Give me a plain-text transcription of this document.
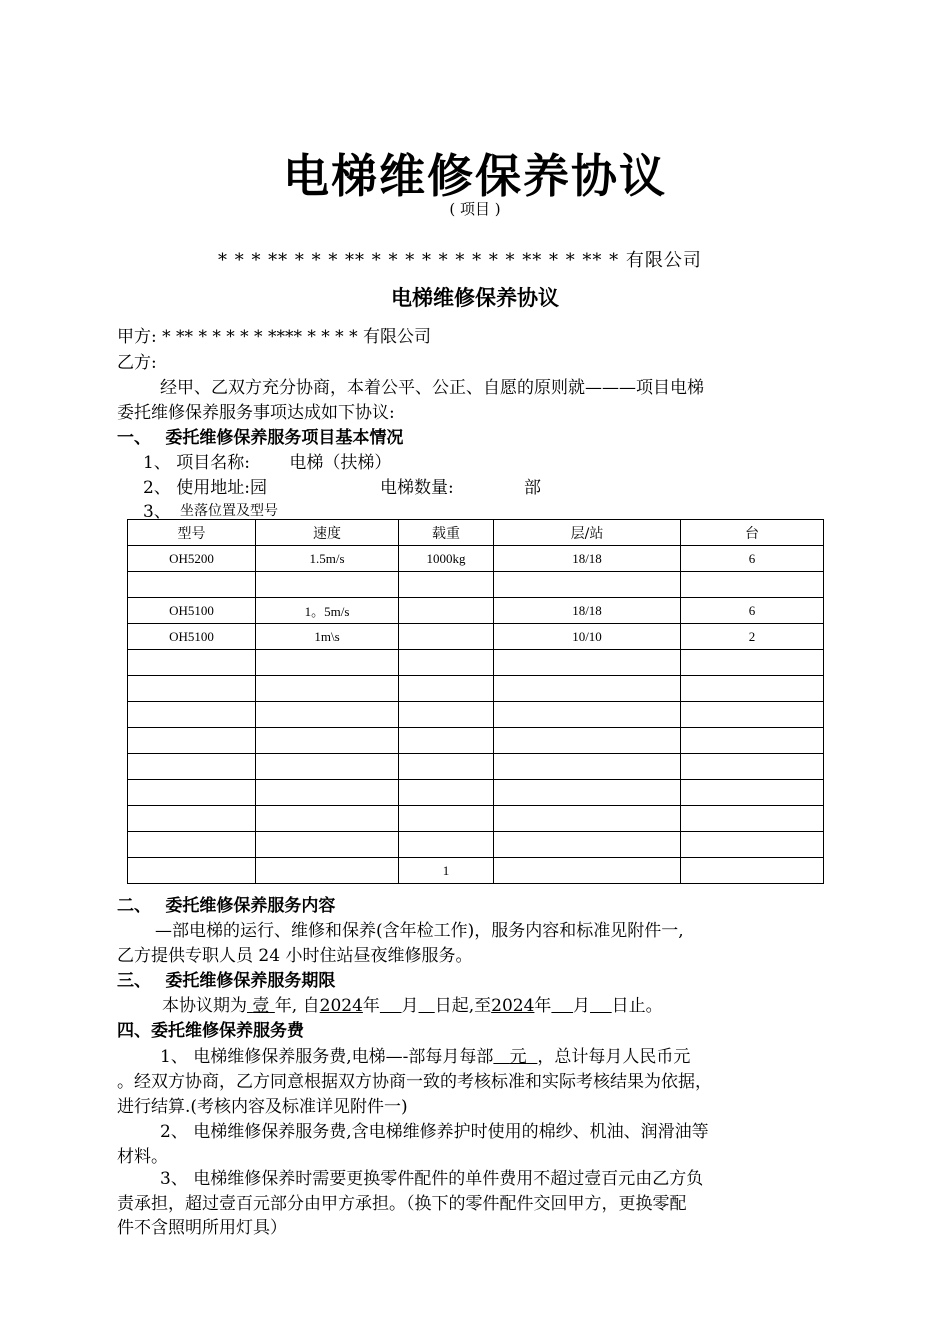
电梯维修保养协议
( 项目 )
* * * ** * * * ** * * * * * * * * * ** * * ** * 有限公司
电梯维修保养协议
甲方: * ** * * * * * **** * * * * 有限公司
乙方:
经甲、乙双方充分协商，本着公平、公正、自愿的原则就———项目电梯
委托维修保养服务事项达成如下协议:
一、　 委托维修保养服务项目基本情况
1、 项目名称:　　 电梯（扶梯）
2、 使用地址:园	电梯数量:	部
3、 坐落位置及型号
型号	速度	载重	层/站	台
OH5200	1.5m/s	1000kg	18/18	6

OH5100	1。5m/s		18/18	6
OH5100	1m\s		10/10	2

		1		
二、　 委托维修保养服务内容
—部电梯的运行、维修和保养(含年检工作)，服务内容和标准见附件一,
乙方提供专职人员 24 小时住站昼夜维修服务。
三、　 委托维修保养服务期限
本协议期为 壹 年, 自2024年 月 日起,至2024年 月 日止。
四、委托维修保养服务费
1、 电梯维修保养服务费,电梯—-部每月每部 元 ，总计每月人民币元
。经双方协商，乙方同意根据双方协商一致的考核标准和实际考核结果为依据，
进行结算.(考核内容及标准详见附件一)
2、 电梯维修保养服务费,含电梯维修养护时使用的棉纱、机油、润滑油等
材料。
3、 电梯维修保养时需要更换零件配件的单件费用不超过壹百元由乙方负
责承担，超过壹百元部分由甲方承担。（换下的零件配件交回甲方，更换零配
件不含照明所用灯具）
